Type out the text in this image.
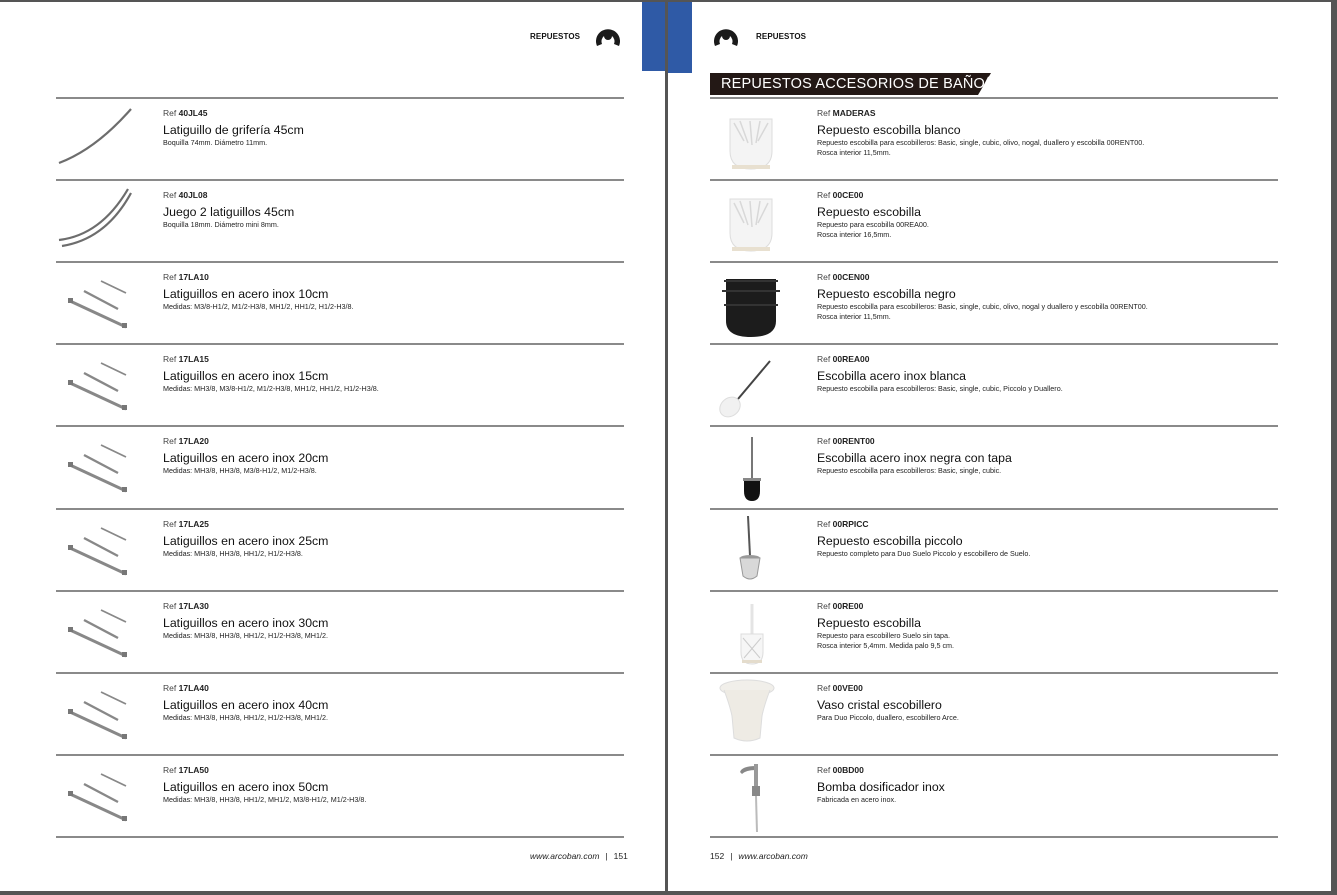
REPUESTOS
Ref 40JL45
Latiguillo de grifería 45cm
Boquilla 74mm. Diámetro 11mm.
Ref 40JL08
Juego 2 latiguillos 45cm
Boquilla 18mm. Diámetro mini 8mm.
Ref 17LA10
Latiguillos en acero inox 10cm
Medidas: M3/8-H1/2, M1/2-H3/8, MH1/2, HH1/2, H1/2-H3/8.
Ref 17LA15
Latiguillos en acero inox 15cm
Medidas: MH3/8, M3/8-H1/2, M1/2-H3/8, MH1/2, HH1/2, H1/2-H3/8.
Ref 17LA20
Latiguillos en acero inox 20cm
Medidas: MH3/8, HH3/8, M3/8-H1/2, M1/2-H3/8.
Ref 17LA25
Latiguillos en acero inox 25cm
Medidas: MH3/8, HH3/8, HH1/2, H1/2-H3/8.
Ref 17LA30
Latiguillos en acero inox 30cm
Medidas: MH3/8, HH3/8, HH1/2, H1/2-H3/8, MH1/2.
Ref 17LA40
Latiguillos en acero inox 40cm
Medidas: MH3/8, HH3/8, HH1/2, H1/2-H3/8, MH1/2.
Ref 17LA50
Latiguillos en acero inox 50cm
Medidas: MH3/8, HH3/8, HH1/2, MH1/2, M3/8-H1/2, M1/2-H3/8.
www.arcoban.com | 151
REPUESTOS
REPUESTOS ACCESORIOS DE BAÑO
Ref MADERAS
Repuesto escobilla blanco
Repuesto escobilla para escobilleros: Basic, single, cubic, olivo, nogal, duallero y escobilla 00RENT00.
Rosca interior 11,5mm.
Ref 00CE00
Repuesto escobilla
Repuesto para escobilla 00REA00.
Rosca interior 16,5mm.
Ref 00CEN00
Repuesto escobilla negro
Repuesto escobilla para escobilleros: Basic, single, cubic, olivo, nogal y duallero y escobilla 00RENT00.
Rosca interior 11,5mm.
Ref 00REA00
Escobilla acero inox blanca
Repuesto escobilla para escobilleros: Basic, single, cubic, Piccolo y Duallero.
Ref 00RENT00
Escobilla acero inox negra con tapa
Repuesto escobilla para escobilleros: Basic, single, cubic.
Ref 00RPICC
Repuesto escobilla piccolo
Repuesto completo para Duo Suelo Piccolo y escobillero de Suelo.
Ref 00RE00
Repuesto escobilla
Repuesto para escobillero Suelo sin tapa.
Rosca interior 5,4mm. Medida palo 9,5 cm.
Ref 00VE00
Vaso cristal escobillero
Para Duo Piccolo, duallero, escobillero Arce.
Ref 00BD00
Bomba dosificador inox
Fabricada en acero inox.
152 | www.arcoban.com
